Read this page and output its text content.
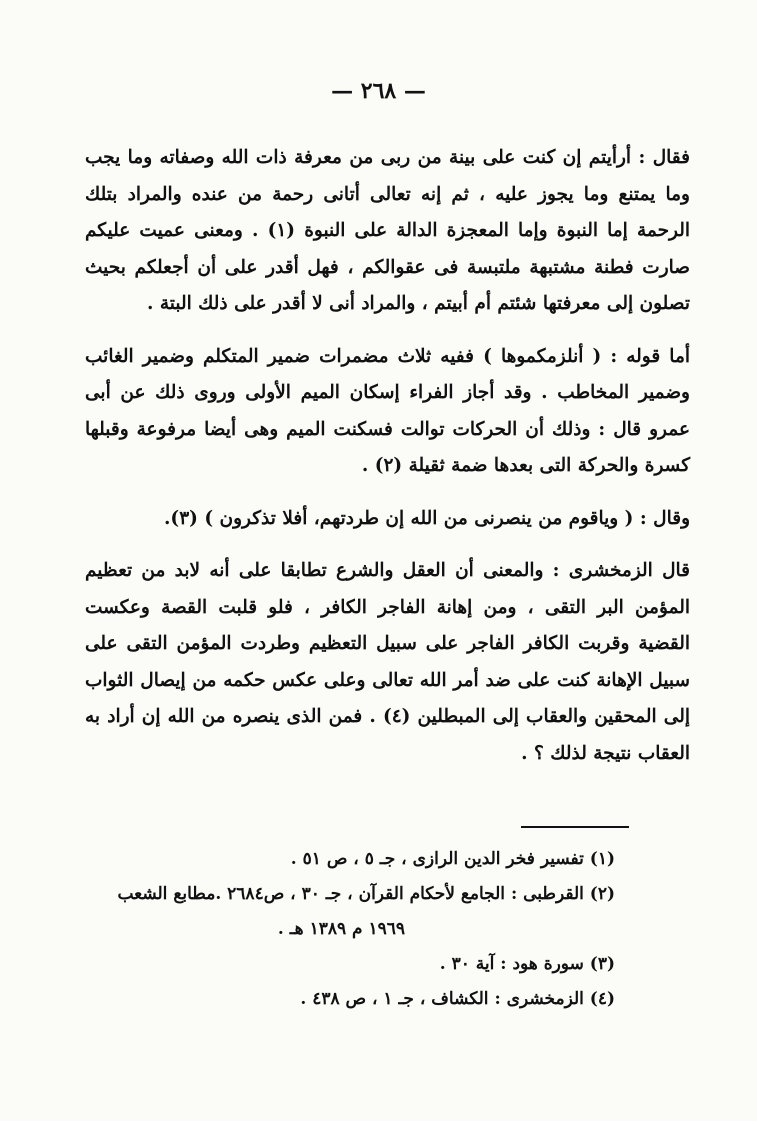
— ٢٦٨ —

فقال : أرأيتم إن كنت على بينة من ربى من معرفة ذات الله وصفاته وما يجب وما يمتنع وما يجوز عليه ، ثم إنه تعالى أتانى رحمة من عنده والمراد بتلك الرحمة إما النبوة وإما المعجزة الدالة على النبوة (١) . ومعنى عميت عليكم صارت فطنة مشتبهة ملتبسة فى عقوالكم ، فهل أقدر على أن أجعلكم بحيث تصلون إلى معرفتها شئتم أم أبيتم ، والمراد أنى لا أقدر على ذلك البتة .

أما قوله : ( أنلزمكموها ) ففيه ثلاث مضمرات ضمير المتكلم وضمير الغائب وضمير المخاطب . وقد أجاز الفراء إسكان الميم الأولى وروى ذلك عن أبى عمرو قال : وذلك أن الحركات توالت فسكنت الميم وهى أيضا مرفوعة وقبلها كسرة والحركة التى بعدها ضمة ثقيلة (٢) .

وقال : ( وياقوم من ينصرنى من الله إن طردتهم، أفلا تذكرون ) (٣).

قال الزمخشرى : والمعنى أن العقل والشرع تطابقا على أنه لابد من تعظيم المؤمن البر التقى ، ومن إهانة الفاجر الكافر ، فلو قلبت القصة وعكست القضية وقربت الكافر الفاجر على سبيل التعظيم وطردت المؤمن التقى على سبيل الإهانة كنت على ضد أمر الله تعالى وعلى عكس حكمه من إيصال الثواب إلى المحقين والعقاب إلى المبطلين (٤) . فمن الذى ينصره من الله إن أراد به العقاب نتيجة لذلك ؟ .

(١) تفسير فخر الدين الرازى ، جـ ٥ ، ص ٥١ .

(٢) القرطبى : الجامع لأحكام القرآن ، جـ ٣٠ ، ص٢٦٨٤ .مطابع الشعب

١٩٦٩ م ١٣٨٩ هـ .

(٣) سورة هود : آية ٣٠ .

(٤) الزمخشرى : الكشاف ، جـ ١ ، ص ٤٣٨ .
